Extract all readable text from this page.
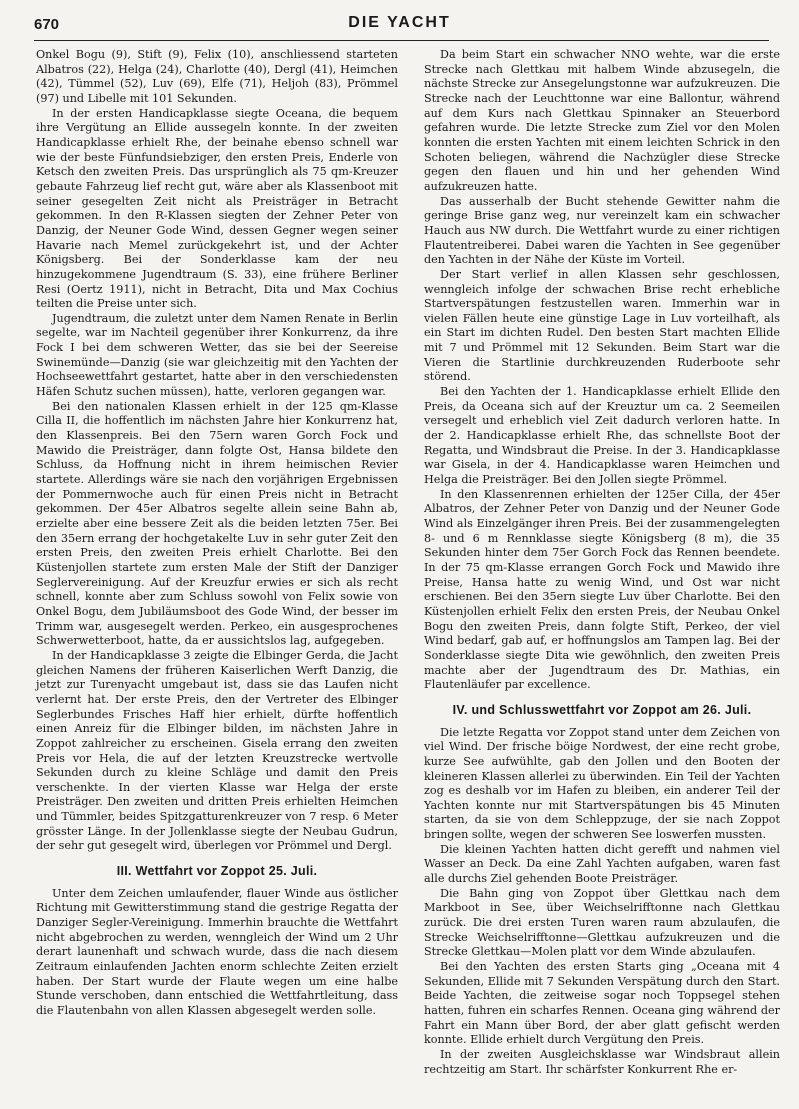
670	DIE YACHT

Onkel Bogu (9), Stift (9), Felix (10), anschliessend starteten Albatros (22), Helga (24), Charlotte (40), Dergl (41), Heimchen (42), Tümmel (52), Luv (69), Elfe (71), Heljoh (83), Prömmel (97) und Libelle mit 101 Sekunden.

In der ersten Handicapklasse siegte Oceana, die bequem ihre Vergütung an Ellide aussegeln konnte. In der zweiten Handicapklasse erhielt Rhe, der beinahe ebenso schnell war wie der beste Fünfundsiebziger, den ersten Preis, Enderle von Ketsch den zweiten Preis. Das ursprünglich als 75 qm-Kreuzer gebaute Fahrzeug lief recht gut, wäre aber als Klassenboot mit seiner gesegelten Zeit nicht als Preisträger in Betracht gekommen. In den R-Klassen siegten der Zehner Peter von Danzig, der Neuner Gode Wind, dessen Gegner wegen seiner Havarie nach Memel zurückgekehrt ist, und der Achter Königsberg. Bei der Sonderklasse kam der neu hinzugekommene Jugendtraum (S. 33), eine frühere Berliner Resi (Oertz 1911), nicht in Betracht, Dita und Max Cochius teilten die Preise unter sich.

Jugendtraum, die zuletzt unter dem Namen Renate in Berlin segelte, war im Nachteil gegenüber ihrer Konkurrenz, da ihre Fock I bei dem schweren Wetter, das sie bei der Seereise Swinemünde—Danzig (sie war gleichzeitig mit den Yachten der Hochseewettfahrt gestartet, hatte aber in den verschiedensten Häfen Schutz suchen müssen), hatte, verloren gegangen war.

Bei den nationalen Klassen erhielt in der 125 qm-Klasse Cilla II, die hoffentlich im nächsten Jahre hier Konkurrenz hat, den Klassenpreis. Bei den 75ern waren Gorch Fock und Mawido die Preisträger, dann folgte Ost, Hansa bildete den Schluss, da Hoffnung nicht in ihrem heimischen Revier startete. Allerdings wäre sie nach den vorjährigen Ergebnissen der Pommernwoche auch für einen Preis nicht in Betracht gekommen. Der 45er Albatros segelte allein seine Bahn ab, erzielte aber eine bessere Zeit als die beiden letzten 75er. Bei den 35ern errang der hochgetakelte Luv in sehr guter Zeit den ersten Preis, den zweiten Preis erhielt Charlotte. Bei den Küstenjollen startete zum ersten Male der Stift der Danziger Seglervereinigung. Auf der Kreuzfur erwies er sich als recht schnell, konnte aber zum Schluss sowohl von Felix sowie von Onkel Bogu, dem Jubiläumsboot des Gode Wind, der besser im Trimm war, ausgesegelt werden. Perkeo, ein ausgesprochenes Schwerwetterboot, hatte, da er aussichtslos lag, aufgegeben.

In der Handicapklasse 3 zeigte die Elbinger Gerda, die Jacht gleichen Namens der früheren Kaiserlichen Werft Danzig, die jetzt zur Turenyacht umgebaut ist, dass sie das Laufen nicht verlernt hat. Der erste Preis, den der Vertreter des Elbinger Seglerbundes Frisches Haff hier erhielt, dürfte hoffentlich einen Anreiz für die Elbinger bilden, im nächsten Jahre in Zoppot zahlreicher zu erscheinen. Gisela errang den zweiten Preis vor Hela, die auf der letzten Kreuzstrecke wertvolle Sekunden durch zu kleine Schläge und damit den Preis verschenkte. In der vierten Klasse war Helga der erste Preisträger. Den zweiten und dritten Preis erhielten Heimchen und Tümmler, beides Spitzgatturenkreuzer von 7 resp. 6 Meter grösster Länge. In der Jollenklasse siegte der Neubau Gudrun, der sehr gut gesegelt wird, überlegen vor Prömmel und Dergl.

III. Wettfahrt vor Zoppot 25. Juli.

Unter dem Zeichen umlaufender, flauer Winde aus östlicher Richtung mit Gewitterstimmung stand die gestrige Regatta der Danziger Segler-Vereinigung. Immerhin brauchte die Wettfahrt nicht abgebrochen zu werden, wenngleich der Wind um 2 Uhr derart launenhaft und schwach wurde, dass die nach diesem Zeitraum einlaufenden Jachten enorm schlechte Zeiten erzielt haben. Der Start wurde der Flaute wegen um eine halbe Stunde verschoben, dann entschied die Wettfahrtleitung, dass die Flautenbahn von allen Klassen abgesegelt werden solle.

Da beim Start ein schwacher NNO wehte, war die erste Strecke nach Glettkau mit halbem Winde abzusegeln, die nächste Strecke zur Ansegelungstonne war aufzukreuzen. Die Strecke nach der Leuchttonne war eine Ballontur, während auf dem Kurs nach Glettkau Spinnaker an Steuerbord gefahren wurde. Die letzte Strecke zum Ziel vor den Molen konnten die ersten Yachten mit einem leichten Schrick in den Schoten beliegen, während die Nachzügler diese Strecke gegen den flauen und hin und her gehenden Wind aufzukreuzen hatte.

Das ausserhalb der Bucht stehende Gewitter nahm die geringe Brise ganz weg, nur vereinzelt kam ein schwacher Hauch aus NW durch. Die Wettfahrt wurde zu einer richtigen Flautentreiberei. Dabei waren die Yachten in See gegenüber den Yachten in der Nähe der Küste im Vorteil.

Der Start verlief in allen Klassen sehr geschlossen, wenngleich infolge der schwachen Brise recht erhebliche Startverspätungen festzustellen waren. Immerhin war in vielen Fällen heute eine günstige Lage in Luv vorteilhaft, als ein Start im dichten Rudel. Den besten Start machten Ellide mit 7 und Prömmel mit 12 Sekunden. Beim Start war die Vieren die Startlinie durchkreuzenden Ruderboote sehr störend.

Bei den Yachten der 1. Handicapklasse erhielt Ellide den Preis, da Oceana sich auf der Kreuztur um ca. 2 Seemeilen versegelt und erheblich viel Zeit dadurch verloren hatte. In der 2. Handicapklasse erhielt Rhe, das schnellste Boot der Regatta, und Windsbraut die Preise. In der 3. Handicapklasse war Gisela, in der 4. Handicapklasse waren Heimchen und Helga die Preisträger. Bei den Jollen siegte Prömmel.

In den Klassenrennen erhielten der 125er Cilla, der 45er Albatros, der Zehner Peter von Danzig und der Neuner Gode Wind als Einzelgänger ihren Preis. Bei der zusammengelegten 8- und 6 m Rennklasse siegte Königsberg (8 m), die 35 Sekunden hinter dem 75er Gorch Fock das Rennen beendete. In der 75 qm-Klasse errangen Gorch Fock und Mawido ihre Preise, Hansa hatte zu wenig Wind, und Ost war nicht erschienen. Bei den 35ern siegte Luv über Charlotte. Bei den Küstenjollen erhielt Felix den ersten Preis, der Neubau Onkel Bogu den zweiten Preis, dann folgte Stift, Perkeo, der viel Wind bedarf, gab auf, er hoffnungslos am Tampen lag. Bei der Sonderklasse siegte Dita wie gewöhnlich, den zweiten Preis machte aber der Jugendtraum des Dr. Mathias, ein Flautenläufer par excellence.

IV. und Schlusswettfahrt vor Zoppot am 26. Juli.

Die letzte Regatta vor Zoppot stand unter dem Zeichen von viel Wind. Der frische böige Nordwest, der eine recht grobe, kurze See aufwühlte, gab den Jollen und den Booten der kleineren Klassen allerlei zu überwinden. Ein Teil der Yachten zog es deshalb vor im Hafen zu bleiben, ein anderer Teil der Yachten konnte nur mit Startverspätungen bis 45 Minuten starten, da sie von dem Schleppzuge, der sie nach Zoppot bringen sollte, wegen der schweren See loswerfen mussten.

Die kleinen Yachten hatten dicht gerefft und nahmen viel Wasser an Deck. Da eine Zahl Yachten aufgaben, waren fast alle durchs Ziel gehenden Boote Preisträger.

Die Bahn ging von Zoppot über Glettkau nach dem Markboot in See, über Weichselrifftonne nach Glettkau zurück. Die drei ersten Turen waren raum abzulaufen, die Strecke Weichselrifftonne—Glettkau aufzukreuzen und die Strecke Glettkau—Molen platt vor dem Winde abzulaufen.

Bei den Yachten des ersten Starts ging „Oceana mit 4 Sekunden, Ellide mit 7 Sekunden Verspätung durch den Start. Beide Yachten, die zeitweise sogar noch Toppsegel stehen hatten, fuhren ein scharfes Rennen. Oceana ging während der Fahrt ein Mann über Bord, der aber glatt gefischt werden konnte. Ellide erhielt durch Vergütung den Preis.

In der zweiten Ausgleichsklasse war Windsbraut allein rechtzeitig am Start. Ihr schärfster Konkurrent Rhe er-
